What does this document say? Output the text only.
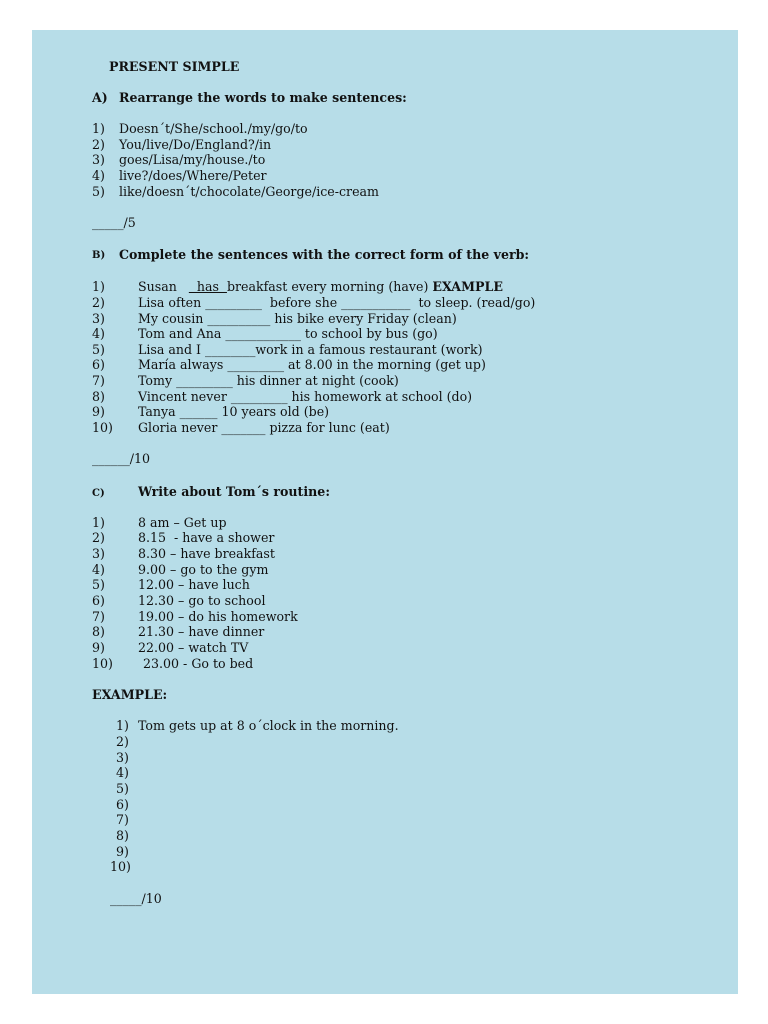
PRESENT SIMPLE
A) Rearrange the words to make sentences:
1) Doesn´t/She/school./my/go/to
2) You/live/Do/England?/in
3) goes/Lisa/my/house./to
4) live?/does/Where/Peter
5) like/doesn´t/chocolate/George/ice-cream
_____/5
B) Complete the sentences with the correct form of the verb:
1)	Susan   has  breakfast every morning (have) EXAMPLE
2)	Lisa often _________  before she ___________  to sleep. (read/go)
3)	My cousin __________ his bike every Friday (clean)
4)	Tom and Ana ____________ to school by bus (go)
5)	Lisa and I ________work in a famous restaurant (work)
6)	María always _________ at 8.00 in the morning (get up)
7)	Tomy _________ his dinner at night (cook)
8)	Vincent never _________ his homework at school (do)
9)	Tanya ______ 10 years old (be)
10) Gloria never _______ pizza for lunc (eat)
______/10
C)	Write about Tom´s routine:
1)	8 am – Get up
2)	8.15  - have a shower
3)	8.30 – have breakfast
4)	9.00 – go to the gym
5)	12.00 – have luch
6)	12.30 – go to school
7)	19.00 – do his homework
8)	21.30 – have dinner
9)	22.00 – watch TV
10) 23.00 - Go to bed
EXAMPLE:
1) Tom gets up at 8 o´clock in the morning.
2)
3)
4)
5)
6)
7)
8)
9)
10)
_____/10
